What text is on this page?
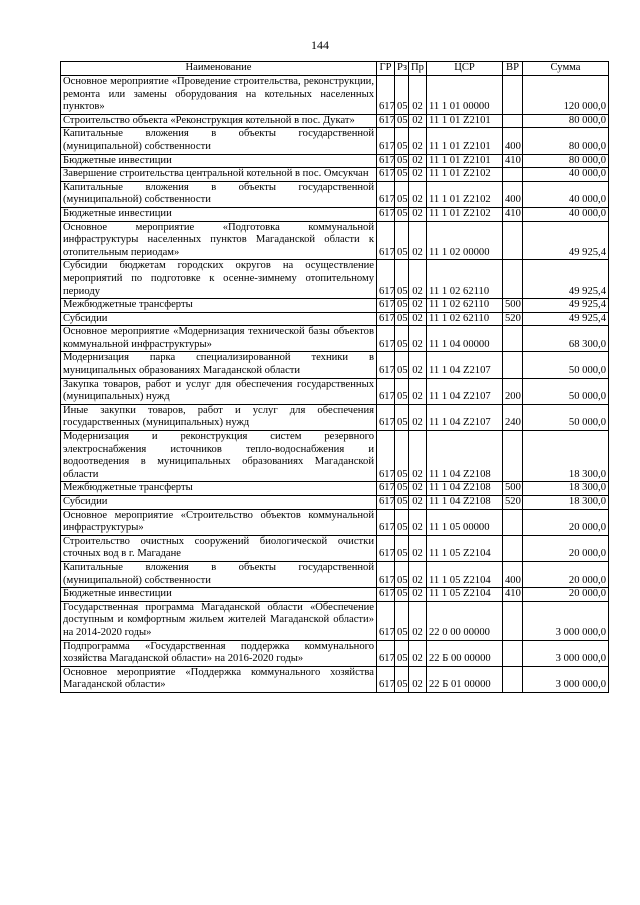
144
Наименование	ГР	Рз	Пр	ЦСР	ВР	Сумма
Основное мероприятие «Проведение строительства, реконструкции, ремонта или замены оборудования на котельных населенных пунктов»	617	05	02	11 1 01 00000		120 000,0
Строительство объекта «Реконструкция котельной в пос. Дукат»	617	05	02	11 1 01 Z2101		80 000,0
Капитальные вложения в объекты государственной (муниципальной) собственности	617	05	02	11 1 01 Z2101	400	80 000,0
Бюджетные инвестиции	617	05	02	11 1 01 Z2101	410	80 000,0
Завершение строительства центральной котельной в пос. Омсукчан	617	05	02	11 1 01 Z2102		40 000,0
Капитальные вложения в объекты государственной (муниципальной) собственности	617	05	02	11 1 01 Z2102	400	40 000,0
Бюджетные инвестиции	617	05	02	11 1 01 Z2102	410	40 000,0
Основное мероприятие «Подготовка коммунальной инфраструктуры населенных пунктов Магаданской области к отопительным периодам»	617	05	02	11 1 02 00000		49 925,4
Субсидии бюджетам городских округов на осуществление мероприятий по подготовке к осенне-зимнему отопительному периоду	617	05	02	11 1 02 62110		49 925,4
Межбюджетные трансферты	617	05	02	11 1 02 62110	500	49 925,4
Субсидии	617	05	02	11 1 02 62110	520	49 925,4
Основное мероприятие «Модернизация технической базы объектов коммунальной инфраструктуры»	617	05	02	11 1 04 00000		68 300,0
Модернизация парка специализированной техники в муниципальных образованиях Магаданской области	617	05	02	11 1 04 Z2107		50 000,0
Закупка товаров, работ и услуг для обеспечения государственных (муниципальных) нужд	617	05	02	11 1 04 Z2107	200	50 000,0
Иные закупки товаров, работ и услуг для обеспечения государственных (муниципальных) нужд	617	05	02	11 1 04 Z2107	240	50 000,0
Модернизация и реконструкция систем резервного электроснабжения источников тепло-водоснабжения и водоотведения в муниципальных образованиях Магаданской области	617	05	02	11 1 04 Z2108		18 300,0
Межбюджетные трансферты	617	05	02	11 1 04 Z2108	500	18 300,0
Субсидии	617	05	02	11 1 04 Z2108	520	18 300,0
Основное мероприятие «Строительство объектов коммунальной инфраструктуры»	617	05	02	11 1 05 00000		20 000,0
Строительство очистных сооружений биологической очистки сточных вод в г. Магадане	617	05	02	11 1 05 Z2104		20 000,0
Капитальные вложения в объекты государственной (муниципальной) собственности	617	05	02	11 1 05 Z2104	400	20 000,0
Бюджетные инвестиции	617	05	02	11 1 05 Z2104	410	20 000,0
Государственная программа Магаданской области «Обеспечение доступным и комфортным жильем жителей Магаданской области» на 2014-2020 годы»	617	05	02	22 0 00 00000		3 000 000,0
Подпрограмма «Государственная поддержка коммунального хозяйства Магаданской области» на 2016-2020 годы»	617	05	02	22 Б 00 00000		3 000 000,0
Основное мероприятие «Поддержка коммунального хозяйства Магаданской области»	617	05	02	22 Б 01 00000		3 000 000,0
